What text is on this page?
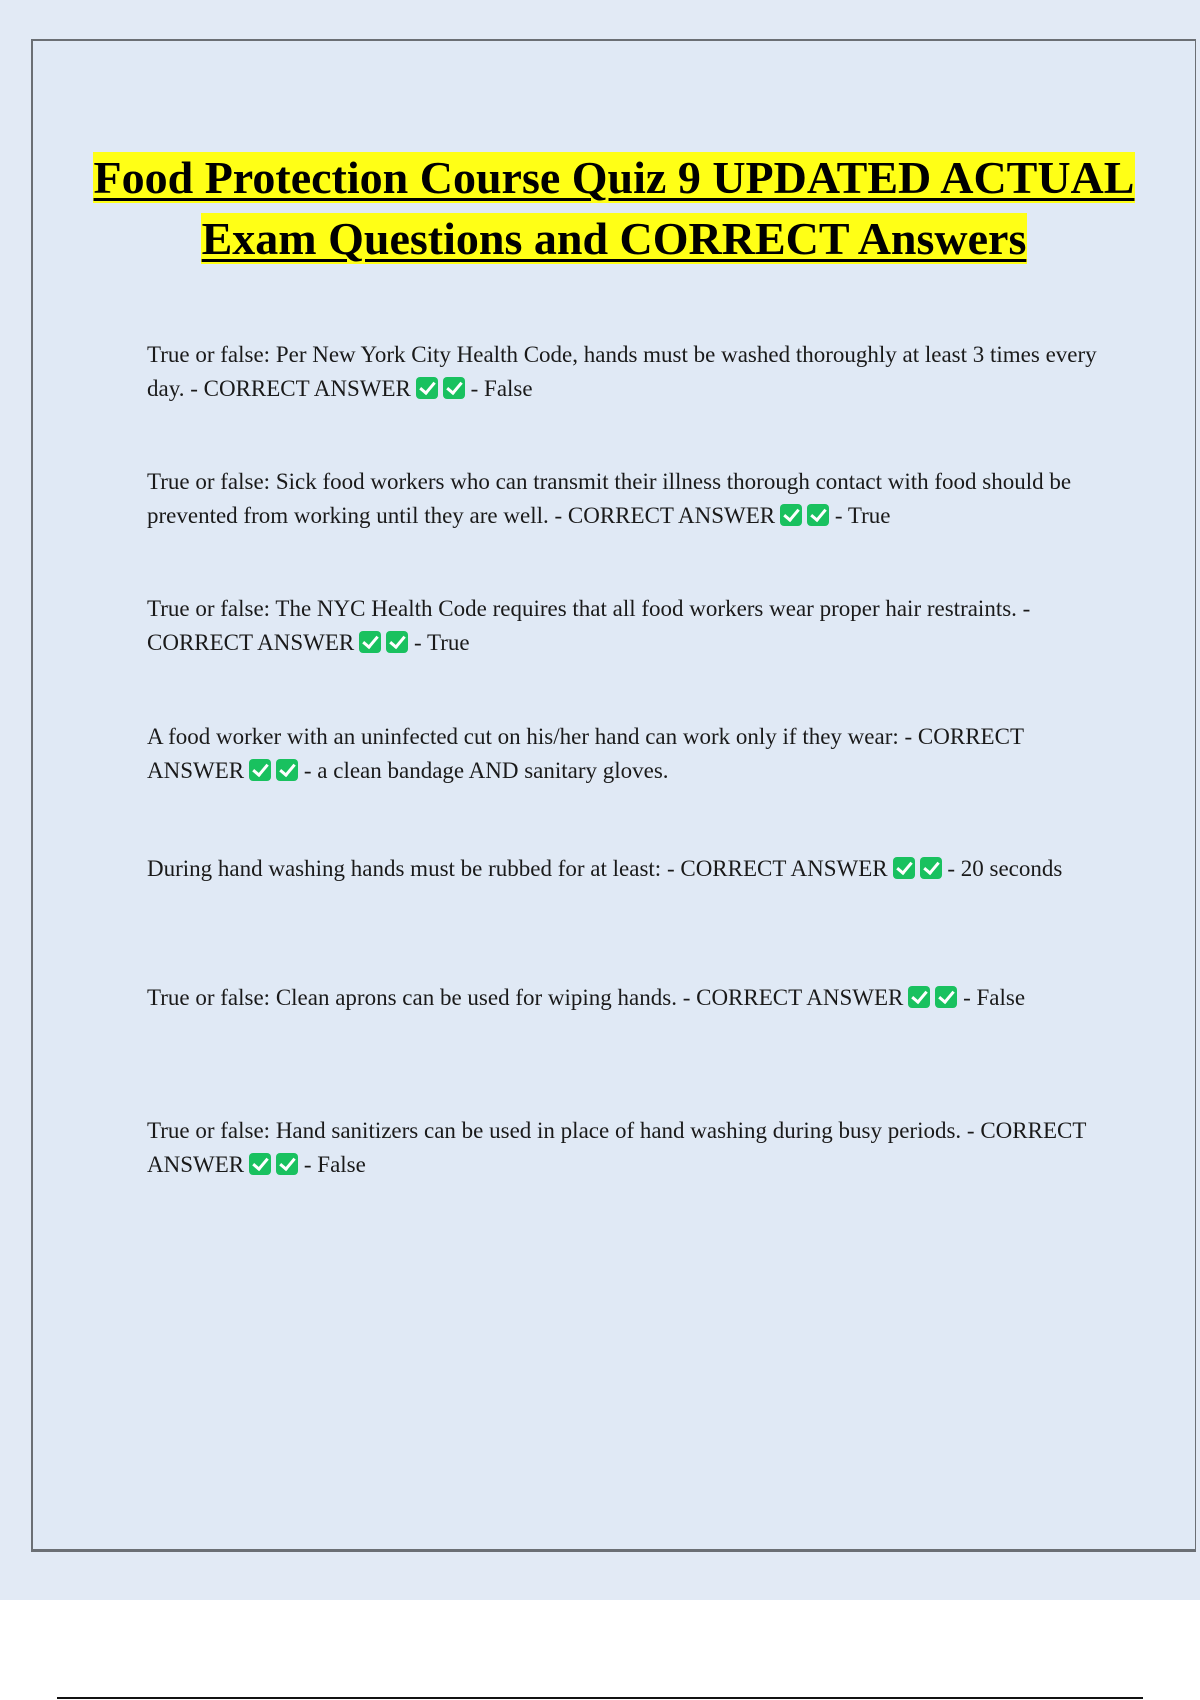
Food Protection Course Quiz 9 UPDATED ACTUAL Exam Questions and CORRECT Answers

True or false: Per New York City Health Code, hands must be washed thoroughly at least 3 times every day. - CORRECT ANSWER	- False

True or false: Sick food workers who can transmit their illness thorough contact with food should be prevented from working until they are well. - CORRECT ANSWER	- True

True or false: The NYC Health Code requires that all food workers wear proper hair restraints. - CORRECT ANSWER	- True

A food worker with an uninfected cut on his/her hand can work only if they wear: - CORRECT ANSWER	- a clean bandage AND sanitary gloves.

During hand washing hands must be rubbed for at least: - CORRECT ANSWER	- 20 seconds

True or false: Clean aprons can be used for wiping hands. - CORRECT ANSWER	- False

True or false: Hand sanitizers can be used in place of hand washing during busy periods. - CORRECT ANSWER	- False
